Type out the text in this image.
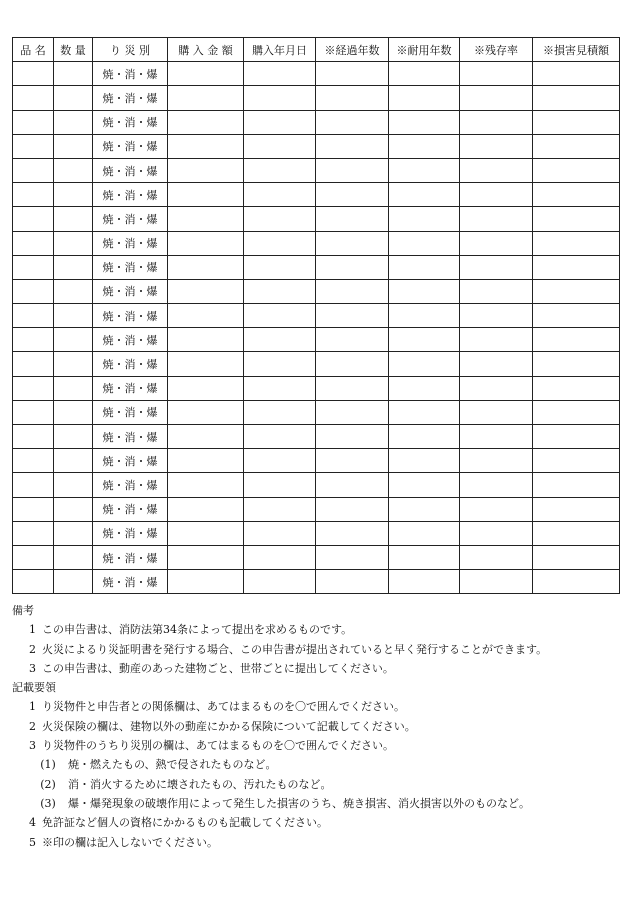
品 名	数 量	り 災 別	購 入 金 額	購入年月日	※経過年数	※耐用年数	※残存率	※損害見積額
		焼・消・爆						
		焼・消・爆						
		焼・消・爆						
		焼・消・爆						
		焼・消・爆						
		焼・消・爆						
		焼・消・爆						
		焼・消・爆						
		焼・消・爆						
		焼・消・爆						
		焼・消・爆						
		焼・消・爆						
		焼・消・爆						
		焼・消・爆						
		焼・消・爆						
		焼・消・爆						
		焼・消・爆						
		焼・消・爆						
		焼・消・爆						
		焼・消・爆						
		焼・消・爆						
		焼・消・爆						
備考
1 この申告書は、消防法第34条によって提出を求めるものです。
2 火災によるり災証明書を発行する場合、この申告書が提出されていると早く発行することができます。
3 この申告書は、動産のあった建物ごと、世帯ごとに提出してください。
記載要領
1 り災物件と申告者との関係欄は、あてはまるものを〇で囲んでください。
2 火災保険の欄は、建物以外の動産にかかる保険について記載してください。
3 り災物件のうちり災別の欄は、あてはまるものを〇で囲んでください。
(1)	焼・燃えたもの、熱で侵されたものなど。
(2)	消・消火するために壊されたもの、汚れたものなど。
(3)	爆・爆発現象の破壊作用によって発生した損害のうち、焼き損害、消火損害以外のものなど。
4 免許証など個人の資格にかかるものも記載してください。
5 ※印の欄は記入しないでください。
